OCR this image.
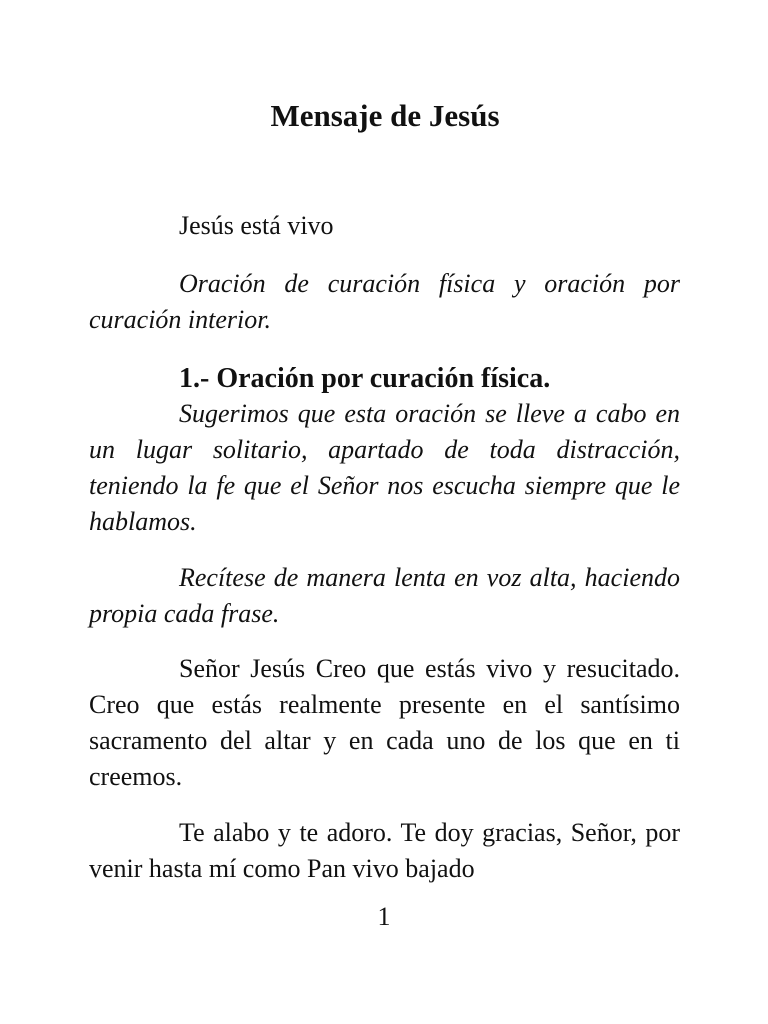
Mensaje de Jesús

Jesús está vivo

Oración de curación física y oración por curación interior.

1.- Oración por curación física.

Sugerimos que esta oración se lleve a cabo en un lugar solitario, apartado de toda distracción, teniendo la fe que el Señor nos escucha siempre que le hablamos.

Recítese de manera lenta en voz alta, haciendo propia cada frase.

Señor Jesús Creo que estás vivo y resucitado. Creo que estás realmente presente en el santísimo sacramento del altar y en cada uno de los que en ti creemos.

Te alabo y te adoro. Te doy gracias, Señor, por venir hasta mí como Pan vivo bajado

1
